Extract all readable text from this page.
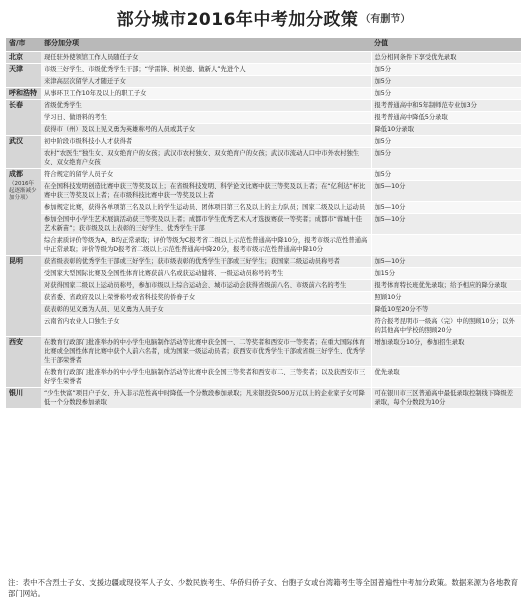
部分城市2016年中考加分政策 （有删节）
省/市	部分加分项	分值
北京	现任驻外使领馆工作人员随任子女	总分相同条件下享受优先录取
天津	市级三好学生、市级优秀学生干部；“学雷锋、树美德、做新人”先进个人	加5分
	来津高层次留学人才随迁子女	加5分
呼和浩特	从事环卫工作10年及以上的职工子女	加5分
长春	省级优秀学生	报考普通高中和5年制师范专业加3分
	学习日、做语料的考生	报考普通高中降低5分录取
	获得市（州）及以上见义勇为英雄称号的人员或其子女	降低10分录取
武汉	初中阶段市级科技小人才获得者	加5分
	农村“农医生”独生女、双女绝育户的女孩；武汉市农村独女、双女绝育户的女孩；武汉市流动人口中市外农村独生女、双女绝育户女孩	加5分
成都
（2016年起逐渐减少加分项）	符合规定的留学人员子女	加5分
	在全国科技发明创造比赛中获三等奖及以上；在省级科技发明、科学论文比赛中获三等奖及以上者；在“亿利达”杯比赛中获三等奖及以上者；在市级科技比赛中获一等奖及以上者	加5—10分
	参加规定比赛，获得各单项第三名及以上的学生运动员、团体项目第三名及以上的主力队员；国家二级及以上运动员	加5—10分
	参加全国中小学生艺术展演活动获三等奖及以上者；成都市学生优秀艺术人才选拔赛获一等奖者；成都市“蓉城十佳艺术新苗”；获市级及以上表彰的三好学生、优秀学生干部	加5—10分
	综合素质评价等级为A，B均正常录取；评价等级为C报考省二级以上示范性普通高中降10分，报考市级示范性普通高中正常录取；评价等级为D报考省二级以上示范性普通高中降20分，报考市级示范性普通高中降10分	
昆明	获省级表彰的优秀学生干部或三好学生；获市级表彰的优秀学生干部或三好学生；获国家二级运动员称号者	加5—10分
	受国家大型国际比赛及全国性体育比赛获前八名或获运动健将、一级运动员称号的考生	加15分
	对获得国家二级以上运动员称号，参加市级以上综合运动会、城市运动会获得省级前八名、市级前六名的考生	报考体育特长班优先录取；给予相应的降分录取
	获省委、省政府及以上荣誉称号或省科技奖的侨眷子女	照顾10分
	获表彰的见义勇为人员、见义勇为人员子女	降低10至20分不等
	云南省内农业人口独生子女	符合报考昆明市一级高（完）中的照顾10分；以外的其他高中学校的照顾20分
西安	在教育行政部门批准举办的中小学生电脑制作活动等比赛中获全国一、二等奖者和西安市一等奖者；在重大国际体育比赛或全国性体育比赛中获个人前六名者，成为国家一级运动员者；获西安市优秀学生干部或省级三好学生、优秀学生干部荣誉者	增加录取分10分，参加招生录取
	在教育行政部门批准举办的中小学生电脑制作活动等比赛中获全国三等奖者和西安市二、三等奖者；以及获西安市三好学生荣誉者	优先录取
银川	“少生快富”项目户子女、升入非示范性高中时降低一个分数段参加录取；凡来银投资500万元以上的企业家子女可降低一个分数段参加录取	可在银川市三区普通高中最低录取控制线下降级差录取，每个分数段为10分
注：表中不含烈士子女、支援边疆或现役军人子女、少数民族考生、华侨归侨子女、台胞子女或台湾籍考生等全国普遍性中考加分政策。数据来源为各地教育部门网站。
